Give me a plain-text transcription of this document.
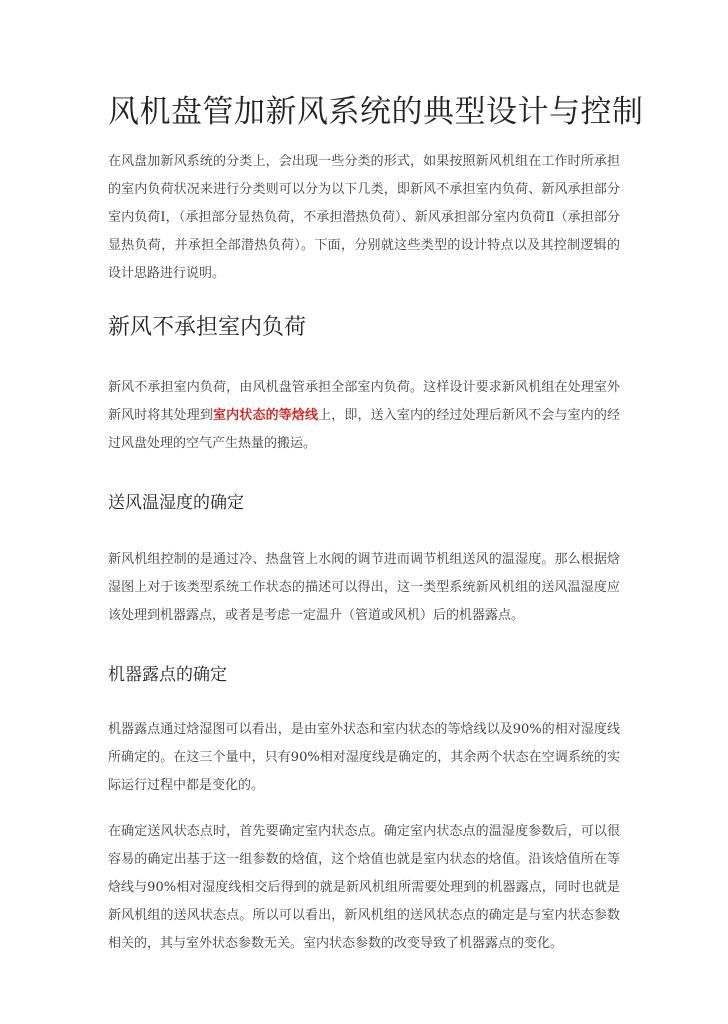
风机盘管加新风系统的典型设计与控制

在风盘加新风系统的分类上，会出现一些分类的形式，如果按照新风机组在工作时所承担的室内负荷状况来进行分类则可以分为以下几类，即新风不承担室内负荷、新风承担部分室内负荷Ⅰ，（承担部分显热负荷，不承担潜热负荷）、新风承担部分室内负荷Ⅱ（承担部分显热负荷，并承担全部潜热负荷）。下面，分别就这些类型的设计特点以及其控制逻辑的设计思路进行说明。

新风不承担室内负荷

新风不承担室内负荷，由风机盘管承担全部室内负荷。这样设计要求新风机组在处理室外新风时将其处理到室内状态的等焓线上，即，送入室内的经过处理后新风不会与室内的经过风盘处理的空气产生热量的搬运。

送风温湿度的确定

新风机组控制的是通过冷、热盘管上水阀的调节进而调节机组送风的温湿度。那么根据焓湿图上对于该类型系统工作状态的描述可以得出，这一类型系统新风机组的送风温湿度应该处理到机器露点，或者是考虑一定温升（管道或风机）后的机器露点。

机器露点的确定

机器露点通过焓湿图可以看出，是由室外状态和室内状态的等焓线以及90%的相对湿度线所确定的。在这三个量中，只有90%相对湿度线是确定的，其余两个状态在空调系统的实际运行过程中都是变化的。

在确定送风状态点时，首先要确定室内状态点。确定室内状态点的温湿度参数后，可以很容易的确定出基于这一组参数的焓值，这个焓值也就是室内状态的焓值。沿该焓值所在等焓线与90%相对湿度线相交后得到的就是新风机组所需要处理到的机器露点，同时也就是新风机组的送风状态点。所以可以看出，新风机组的送风状态点的确定是与室内状态参数相关的，其与室外状态参数无关。室内状态参数的改变导致了机器露点的变化。
